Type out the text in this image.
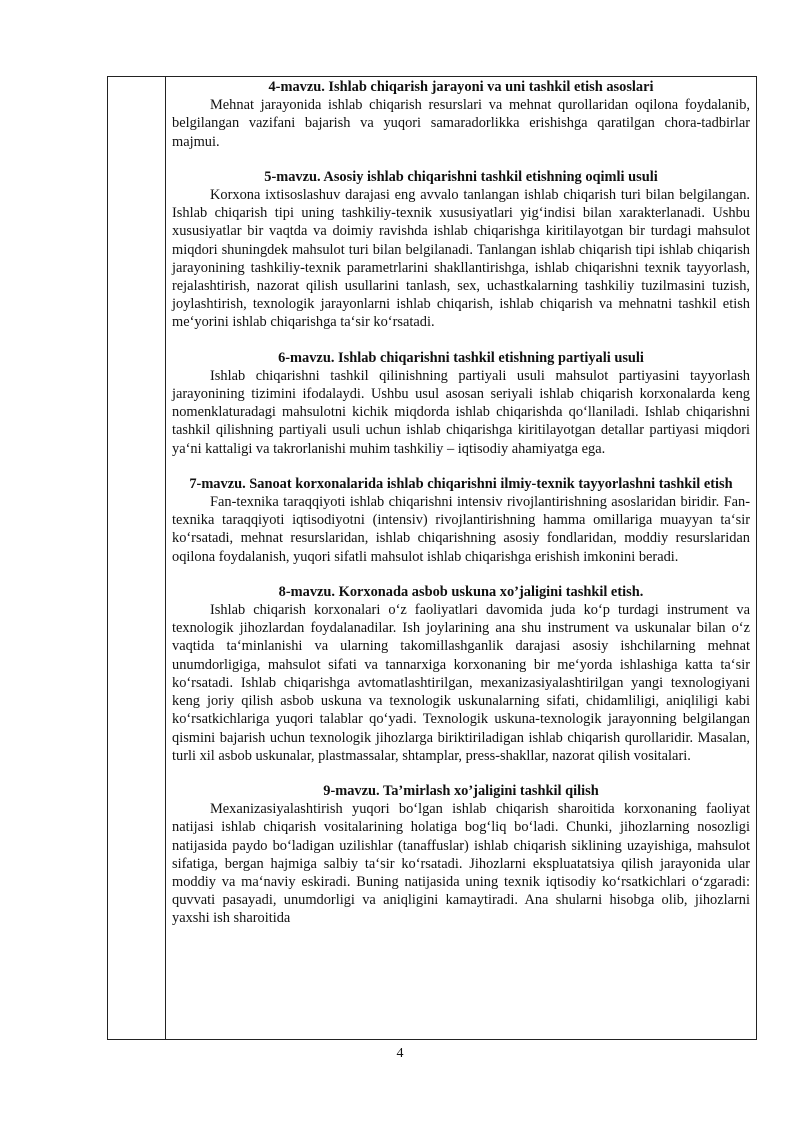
4-mavzu. Ishlab chiqarish jarayoni va uni tashkil etish asoslari

Mehnat jarayonida ishlab chiqarish resurslari va mehnat qurollaridan oqilona foydalanib, belgilangan vazifani bajarish va yuqori samaradorlikka erishishga qaratilgan chora-tadbirlar majmui.

5-mavzu. Asosiy ishlab chiqarishni tashkil etishning oqimli usuli

Korxona ixtisoslashuv darajasi eng avvalo tanlangan ishlab chiqarish turi bilan belgilangan. Ishlab chiqarish tipi uning tashkiliy-texnik xususiyatlari yig‘indisi bilan xarakterlanadi. Ushbu xususiyatlar bir vaqtda va doimiy ravishda ishlab chiqarishga kiritilayotgan bir turdagi mahsulot miqdori shuningdek mahsulot turi bilan belgilanadi. Tanlangan ishlab chiqarish tipi ishlab chiqarish jarayonining tashkiliy-texnik parametrlarini shakllantirishga, ishlab chiqarishni texnik tayyorlash, rejalashtirish, nazorat qilish usullarini tanlash, sex, uchastkalarning tashkiliy tuzilmasini tuzish, joylashtirish, texnologik jarayonlarni ishlab chiqarish, ishlab chiqarish va mehnatni tashkil etish me‘yorini ishlab chiqarishga ta‘sir ko‘rsatadi.

6-mavzu. Ishlab chiqarishni tashkil etishning partiyali usuli

Ishlab chiqarishni tashkil qilinishning partiyali usuli mahsulot partiyasini tayyorlash jarayonining tizimini ifodalaydi. Ushbu usul asosan seriyali ishlab chiqarish korxonalarda keng nomenklaturadagi mahsulotni kichik miqdorda ishlab chiqarishda qo‘llaniladi. Ishlab chiqarishni tashkil qilishning partiyali usuli uchun ishlab chiqarishga kiritilayotgan detallar partiyasi miqdori ya‘ni kattaligi va takrorlanishi muhim tashkiliy – iqtisodiy ahamiyatga ega.

7-mavzu. Sanoat korxonalarida ishlab chiqarishni ilmiy-texnik tayyorlashni tashkil etish

Fan-texnika taraqqiyoti ishlab chiqarishni intensiv rivojlantirishning asoslaridan biridir. Fan-texnika taraqqiyoti iqtisodiyotni (intensiv) rivojlantirishning hamma omillariga muayyan ta‘sir ko‘rsatadi, mehnat resurslaridan, ishlab chiqarishning asosiy fondlaridan, moddiy resurslaridan oqilona foydalanish, yuqori sifatli mahsulot ishlab chiqarishga erishish imkonini beradi.

8-mavzu. Korxonada asbob uskuna xo’jaligini tashkil etish.

Ishlab chiqarish korxonalari o‘z faoliyatlari davomida juda ko‘p turdagi instrument va texnologik jihozlardan foydalanadilar. Ish joylarining ana shu instrument va uskunalar bilan o‘z vaqtida ta‘minlanishi va ularning takomillashganlik darajasi asosiy ishchilarning mehnat unumdorligiga, mahsulot sifati va tannarxiga korxonaning bir me‘yorda ishlashiga katta ta‘sir ko‘rsatadi. Ishlab chiqarishga avtomatlashtirilgan, mexanizasiyalashtirilgan yangi texnologiyani keng joriy qilish asbob uskuna va texnologik uskunalarning sifati, chidamliligi, aniqliligi kabi ko‘rsatkichlariga yuqori talablar qo‘yadi. Texnologik uskuna-texnologik jarayonning belgilangan qismini bajarish uchun texnologik jihozlarga biriktiriladigan ishlab chiqarish qurollaridir. Masalan, turli xil asbob uskunalar, plastmassalar, shtamplar, press-shakllar, nazorat qilish vositalari.

9-mavzu. Ta’mirlash xo’jaligini tashkil qilish

Mexanizasiyalashtirish yuqori bo‘lgan ishlab chiqarish sharoitida korxonaning faoliyat natijasi ishlab chiqarish vositalarining holatiga bog‘liq bo‘ladi. Chunki, jihozlarning nosozligi natijasida paydo bo‘ladigan uzilishlar (tanaffuslar) ishlab chiqarish siklining uzayishiga, mahsulot sifatiga, bergan hajmiga salbiy ta‘sir ko‘rsatadi. Jihozlarni ekspluatatsiya qilish jarayonida ular moddiy va ma‘naviy eskiradi. Buning natijasida uning texnik iqtisodiy ko‘rsatkichlari o‘zgaradi: quvvati pasayadi, unumdorligi va aniqligini kamaytiradi. Ana shularni hisobga olib, jihozlarni yaxshi ish sharoitida

4
